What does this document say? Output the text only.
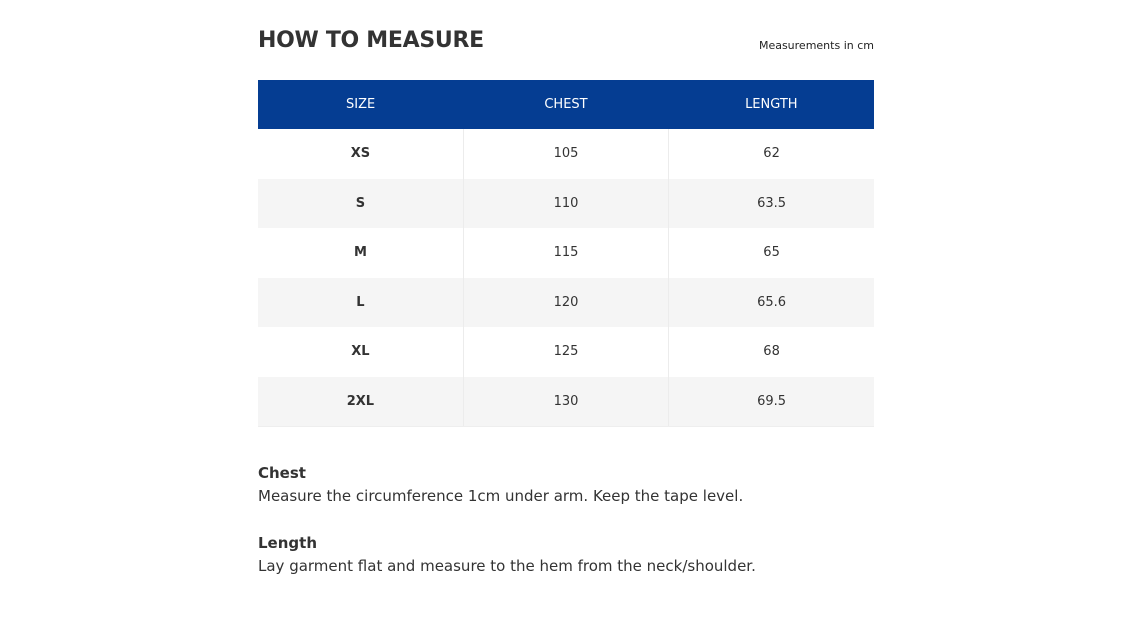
HOW TO MEASURE	Measurements in cm
SIZE	CHEST	LENGTH
XS	105	62
S	110	63.5
M	115	65
L	120	65.6
XL	125	68
2XL	130	69.5
Chest
Measure the circumference 1cm under arm. Keep the tape level.
Length
Lay garment flat and measure to the hem from the neck/shoulder.
